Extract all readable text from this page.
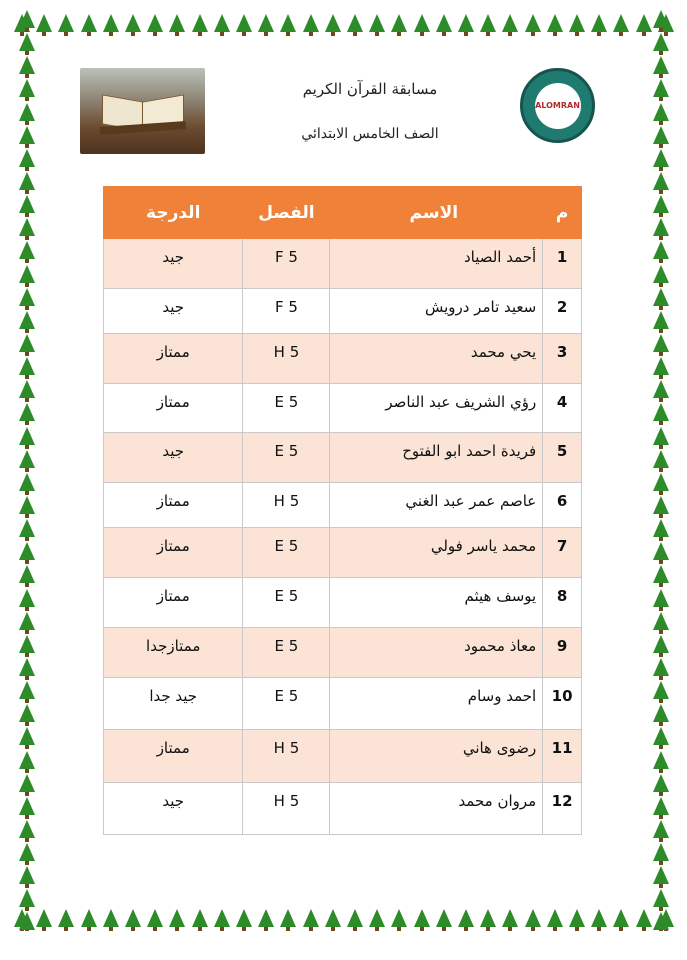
مسابقة القرآن الكريم
الصف الخامس الابتدائي
ALOMRAN
م	الاسم	الفصل	الدرجة
1	أحمد الصياد	5 F	جيد
2	سعيد تامر درويش	5 F	جيد
3	يحي محمد	5 H	ممتاز
4	رؤي الشريف عبد الناصر	5 E	ممتاز
5	فريدة احمد ابو الفتوح	5 E	جيد
6	عاصم عمر عبد الغني	5 H	ممتاز
7	محمد ياسر فولي	5 E	ممتاز
8	يوسف هيثم	5 E	ممتاز
9	معاذ محمود	5 E	ممتازجدا
10	احمد وسام	5 E	جيد جدا
11	رضوى هاني	5 H	ممتاز
12	مروان محمد	5 H	جيد
